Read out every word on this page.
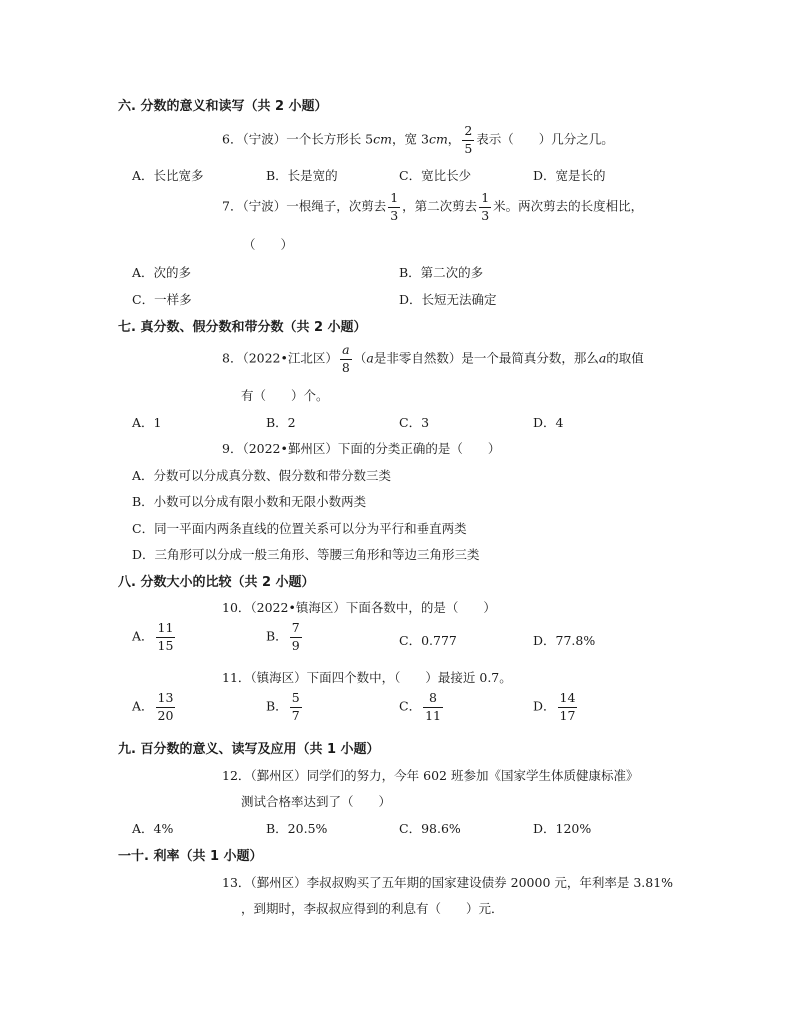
六. 分数的意义和读写（共 2 小题）
6．（宁波）一个长方形长 5cm，宽 3cm， $\frac{2}{5}$ 表示（　　）几分之几。
A．长比宽多	B．长是宽的	C．宽比长少	D．宽是长的
7．（宁波）一根绳子，次剪去 $\frac{1}{3}$ ，第二次剪去 $\frac{1}{3}$ 米。两次剪去的长度相比，
（　　）
A．次的多	B．第二次的多
C．一样多	D．长短无法确定
七. 真分数、假分数和带分数（共 2 小题）
8．（2022•江北区） $\frac{a}{8} (a$是非零自然数）是一个最简真分数，那么a的取值
有（　　）个。
A．1	B．2	C．3	D．4
9．（2022•鄞州区）下面的分类正确的是（　　）
A．分数可以分成真分数、假分数和带分数三类
B．小数可以分成有限小数和无限小数两类
C．同一平面内两条直线的位置关系可以分为平行和垂直两类
D．三角形可以分成一般三角形、等腰三角形和等边三角形三类
八. 分数大小的比较（共 2 小题）
10．（2022•镇海区）下面各数中，的是（　　）
A． $\frac{11}{15}$	B． $\frac{7}{9}$	C．0.777	D．77.8%
11．（镇海区）下面四个数中，（　　）最接近 0.7。
A． $\frac{13}{20}$	B． $\frac{5}{7}$	C． $\frac{8}{11}$	D． $\frac{14}{17}$
九. 百分数的意义、读写及应用（共 1 小题）
12．（鄞州区）同学们的努力，今年 602 班参加《国家学生体质健康标准》
测试合格率达到了（　　）
A．4%	B．20.5%	C．98.6%	D．120%
一十. 利率（共 1 小题）
13．（鄞州区）李叔叔购买了五年期的国家建设债券 20000 元，年利率是 3.81%
，到期时，李叔叔应得到的利息有（　　）元．
